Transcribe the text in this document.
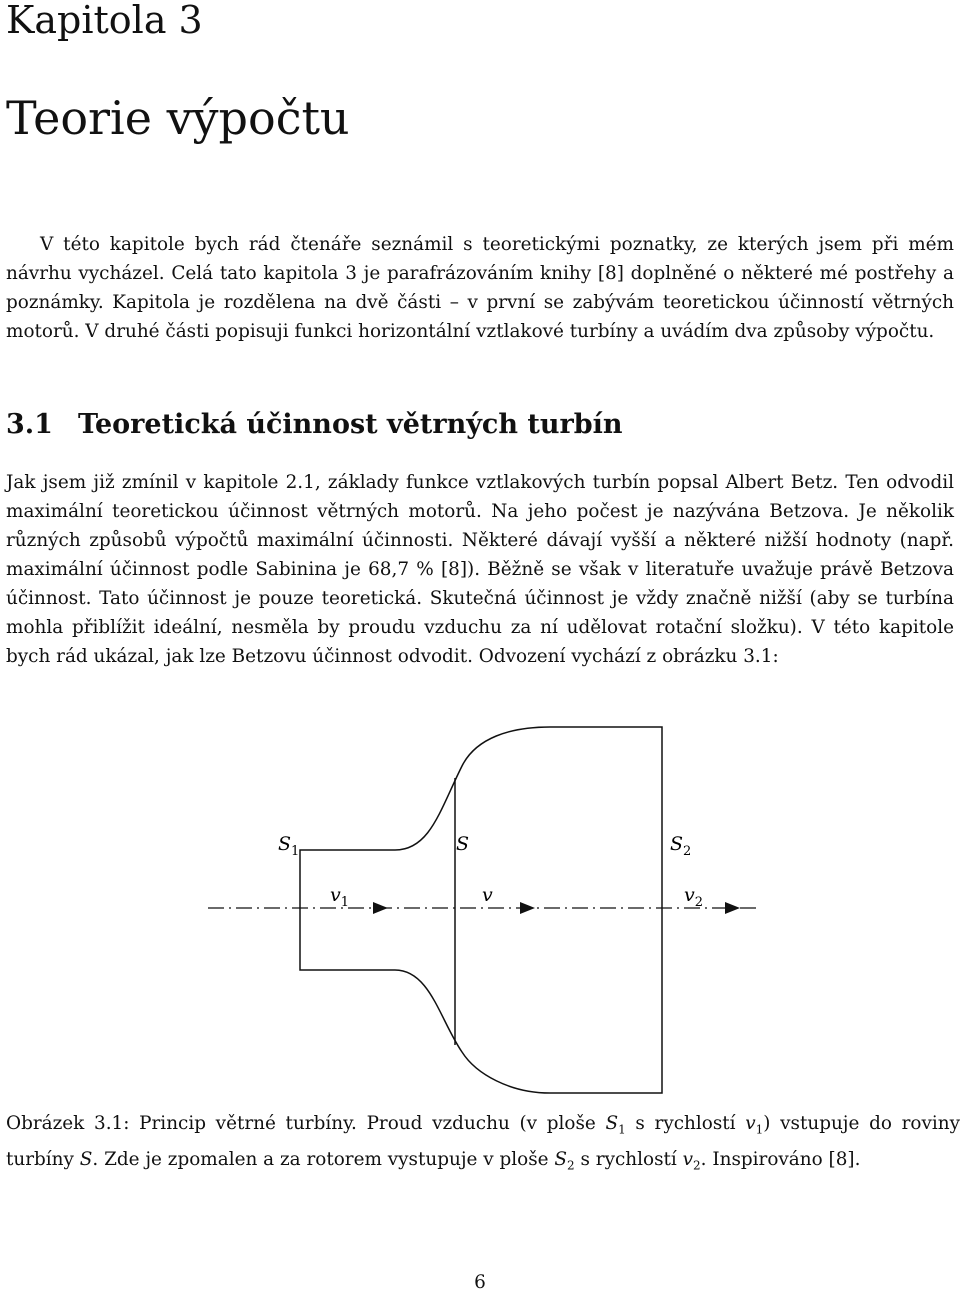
Kapitola 3
Teorie výpočtu

V této kapitole bych rád čtenáře seznámil s teoretickými poznatky, ze kterých jsem při mém návrhu vycházel. Celá tato kapitola 3 je parafrázováním knihy [8] doplněné o některé mé postřehy a poznámky. Kapitola je rozdělena na dvě části – v první se zabývám teoretickou účinností větrných motorů. V druhé části popisuji funkci horizontální vztlakové turbíny a uvádím dva způsoby výpočtu.

3.1 Teoretická účinnost větrných turbín

Jak jsem již zmínil v kapitole 2.1, základy funkce vztlakových turbín popsal Albert Betz. Ten odvodil maximální teoretickou účinnost větrných motorů. Na jeho počest je nazývána Betzova. Je několik různých způsobů výpočtů maximální účinnosti. Některé dávají vyšší a některé nižší hodnoty (např. maximální účinnost podle Sabinina je 68,7 % [8]). Běžně se však v literatuře uvažuje právě Betzova účinnost. Tato účinnost je pouze teoretická. Skutečná účinnost je vždy značně nižší (aby se turbína mohla přiblížit ideální, nesměla by proudu vzduchu za ní udělovat rotační složku). V této kapitole bych rád ukázal, jak lze Betzovu účinnost odvodit. Odvození vychází z obrázku 3.1:

$S_1$	S	$S_2$
$v_1$	v	$v_2$

Obrázek 3.1: Princip větrné turbíny. Proud vzduchu (v ploše $S_1$ s rychlostí $v_1$) vstupuje do roviny turbíny S. Zde je zpomalen a za rotorem vystupuje v ploše $S_2$ s rychlostí $v_2$. Inspirováno [8].

6
